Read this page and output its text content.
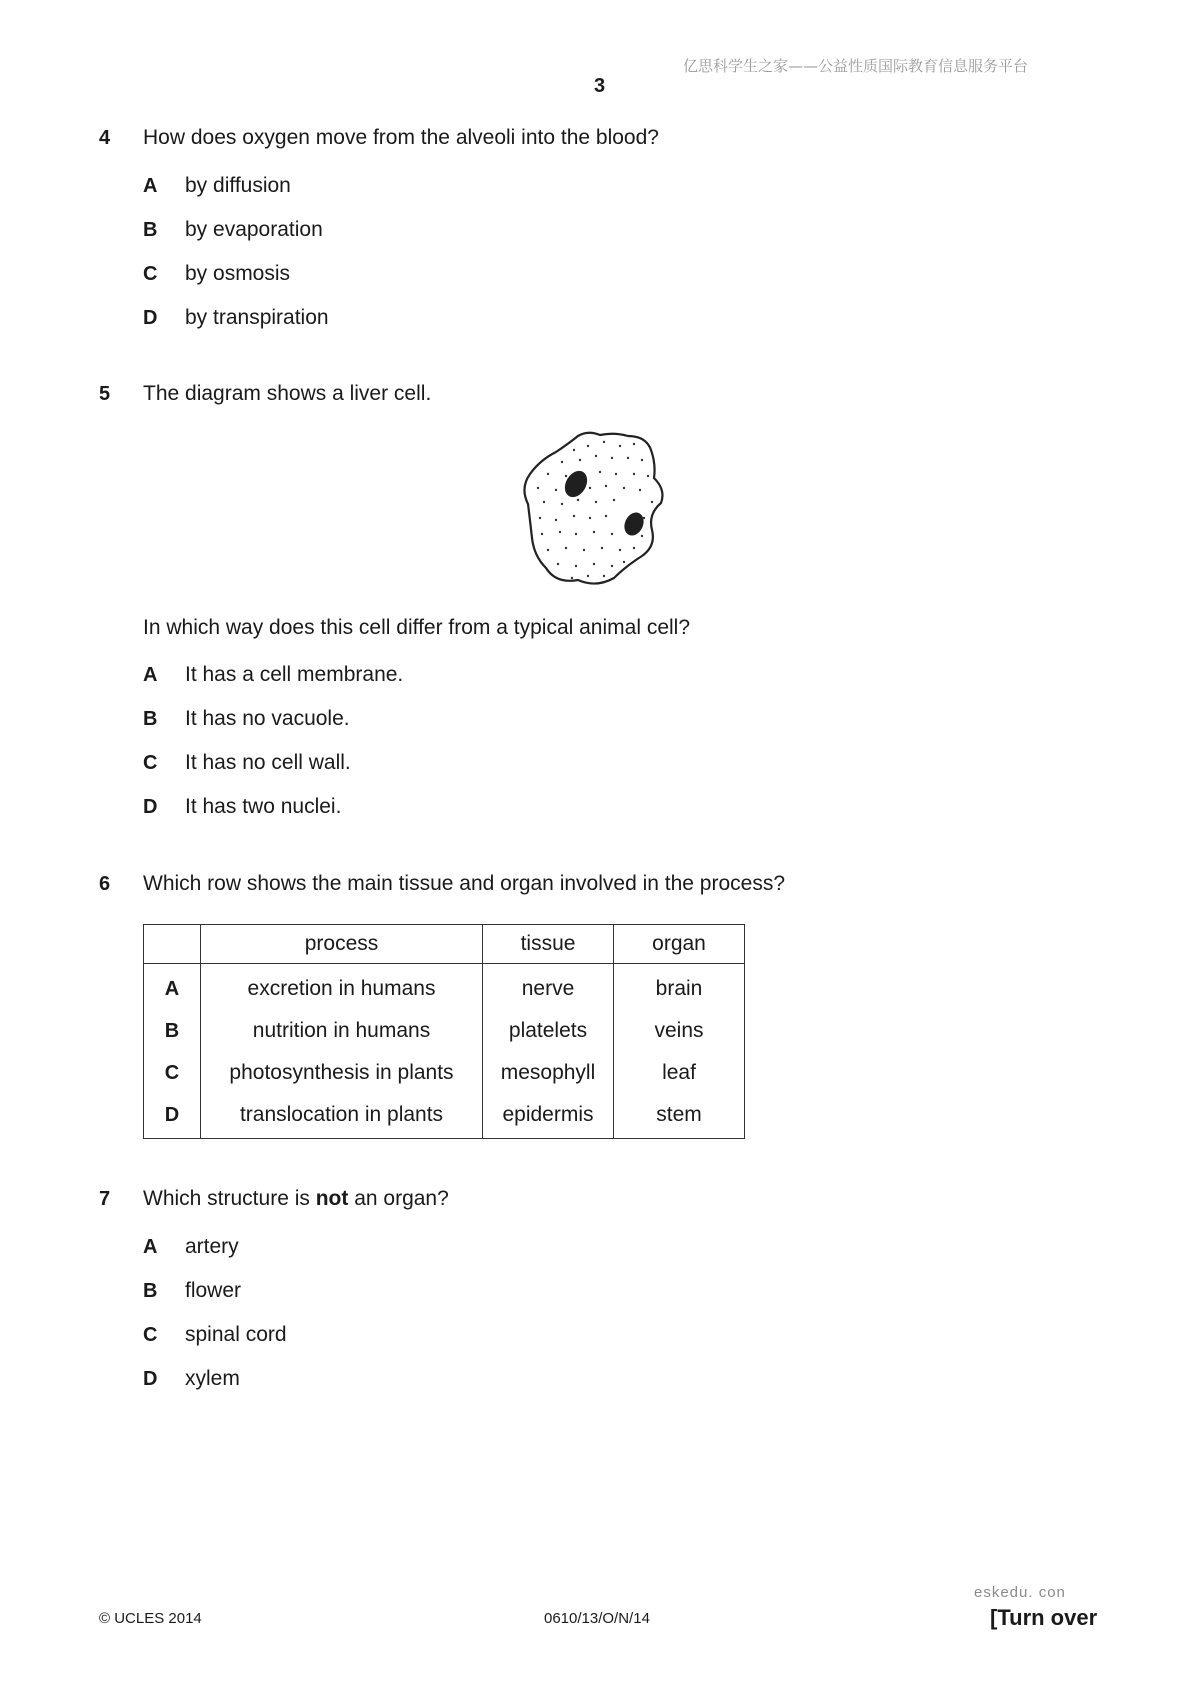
亿思科学生之家——公益性质国际教育信息服务平台
3
4 How does oxygen move from the alveoli into the blood?
A by diffusion
B by evaporation
C by osmosis
D by transpiration
5 The diagram shows a liver cell.
In which way does this cell differ from a typical animal cell?
A It has a cell membrane.
B It has no vacuole.
C It has no cell wall.
D It has two nuclei.
6 Which row shows the main tissue and organ involved in the process?
	process	tissue	organ
A	excretion in humans	nerve	brain
B	nutrition in humans	platelets	veins
C	photosynthesis in plants	mesophyll	leaf
D	translocation in plants	epidermis	stem
7 Which structure is not an organ?
A artery
B flower
C spinal cord
D xylem
eskedu. con
© UCLES 2014	0610/13/O/N/14	[Turn over
